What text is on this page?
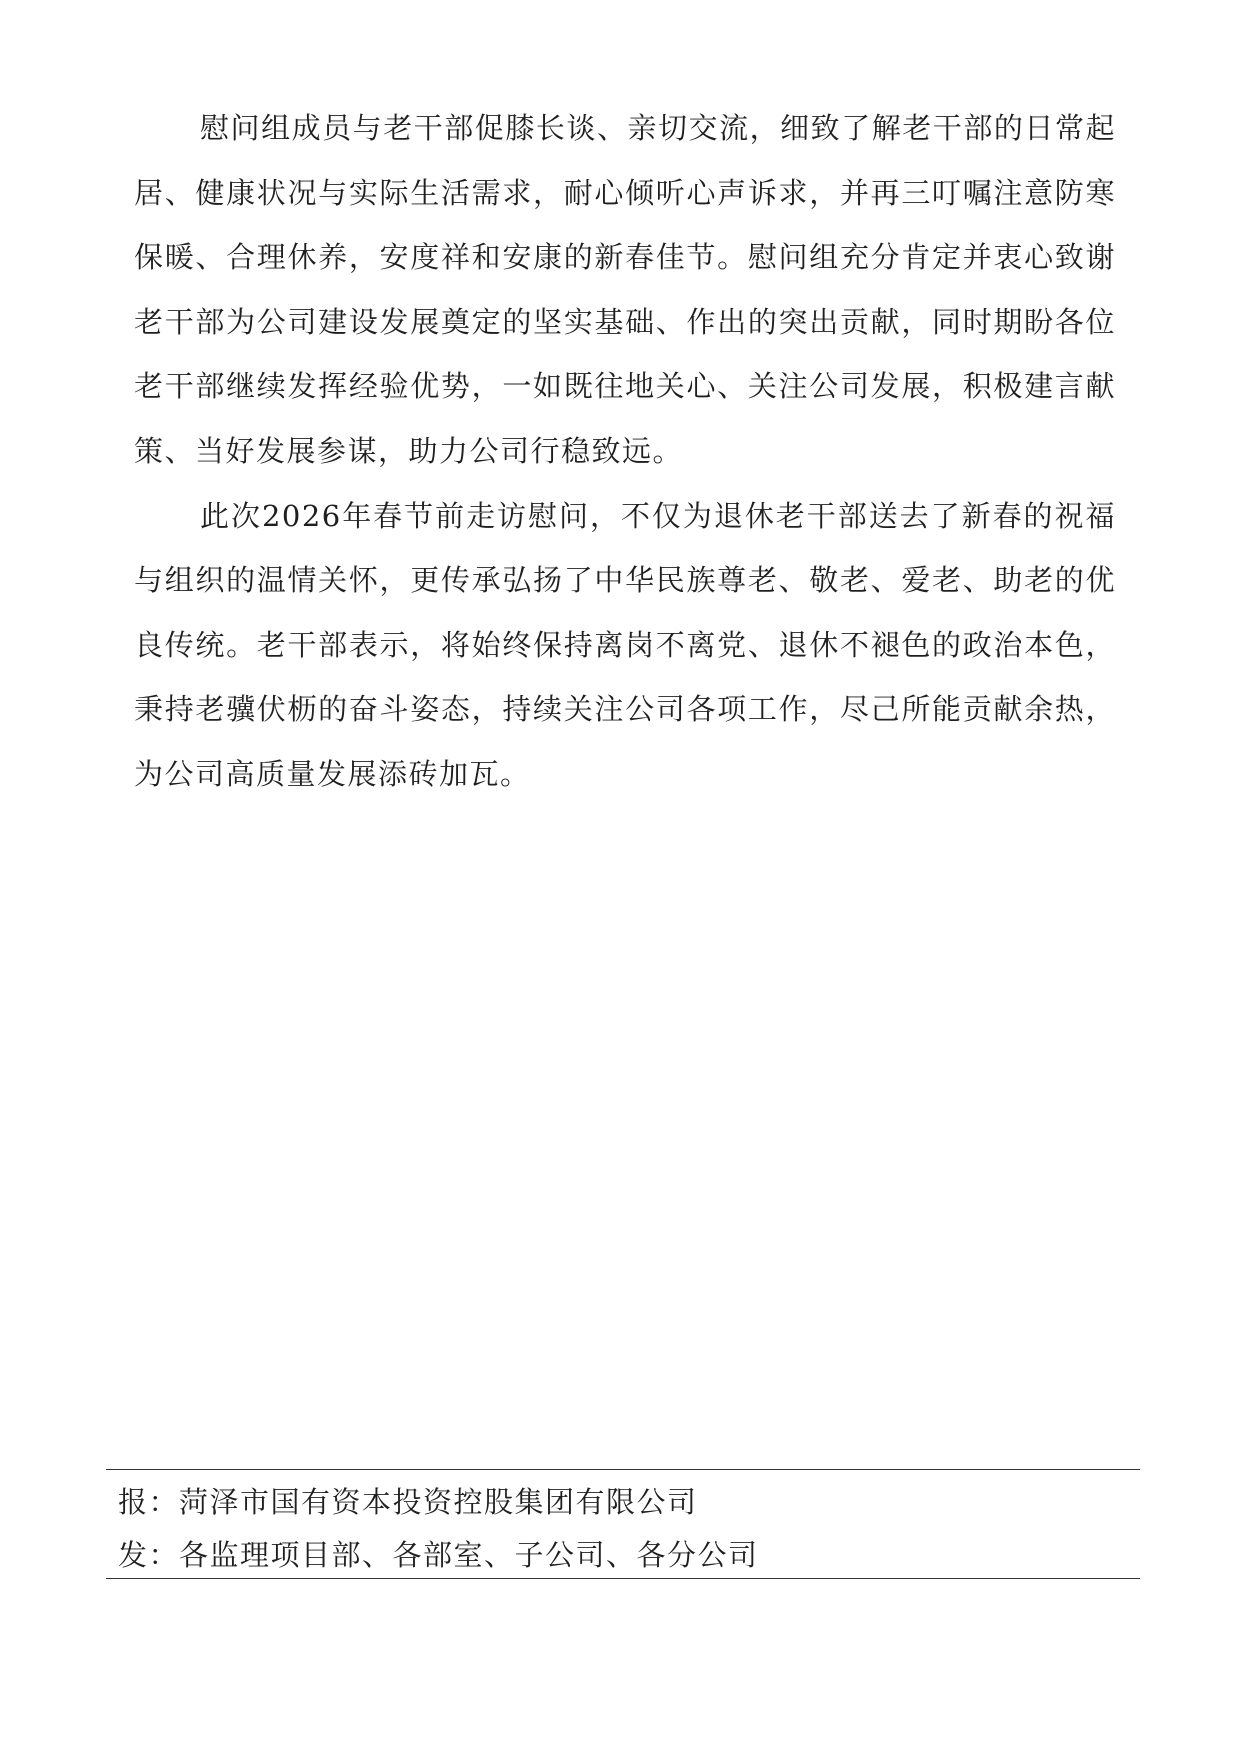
慰问组成员与老干部促膝长谈、亲切交流，细致了解老干部的日常起居、健康状况与实际生活需求，耐心倾听心声诉求，并再三叮嘱注意防寒保暖、合理休养，安度祥和安康的新春佳节。慰问组充分肯定并衷心致谢老干部为公司建设发展奠定的坚实基础、作出的突出贡献，同时期盼各位老干部继续发挥经验优势，一如既往地关心、关注公司发展，积极建言献策、当好发展参谋，助力公司行稳致远。

此次2026年春节前走访慰问，不仅为退休老干部送去了新春的祝福与组织的温情关怀，更传承弘扬了中华民族尊老、敬老、爱老、助老的优良传统。老干部表示，将始终保持离岗不离党、退休不褪色的政治本色，秉持老骥伏枥的奋斗姿态，持续关注公司各项工作，尽己所能贡献余热，为公司高质量发展添砖加瓦。

报：菏泽市国有资本投资控股集团有限公司
发：各监理项目部、各部室、子公司、各分公司
